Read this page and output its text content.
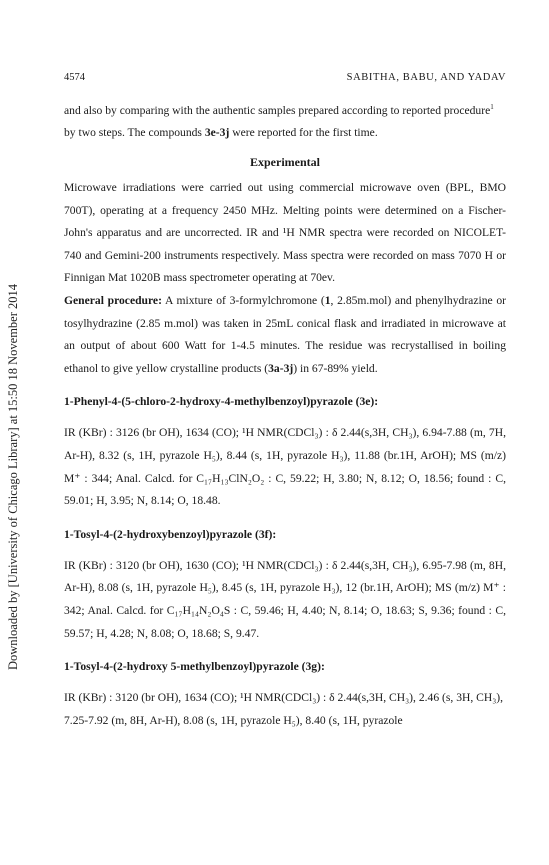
Downloaded by [University of Chicago Library] at 15:50 18 November 2014
4574	SABITHA, BABU, AND YADAV

and also by comparing with the authentic samples prepared according to reported procedure$^1$
by two steps. The compounds 3e-3j were reported for the first time.

Experimental

Microwave irradiations were carried out using commercial microwave oven (BPL, BMO 700T), operating at a frequency 2450 MHz. Melting points were determined on a Fischer-John's apparatus and are uncorrected. IR and ¹H NMR spectra were recorded on NICOLET-740 and Gemini-200 instruments respectively. Mass spectra were recorded on mass 7070 H or Finnigan Mat 1020B mass spectrometer operating at 70ev.

General procedure: A mixture of 3-formylchromone (1, 2.85m.mol) and phenylhydrazine or tosylhydrazine (2.85 m.mol) was taken in 25mL conical flask and irradiated in microwave at an output of about 600 Watt for 1-4.5 minutes. The residue was recrystallised in boiling ethanol to give yellow crystalline products (3a-3j) in 67-89% yield.

1-Phenyl-4-(5-chloro-2-hydroxy-4-methylbenzoyl)pyrazole (3e):

IR (KBr) : 3126 (br OH), 1634 (CO); ¹H NMR(CDCl₃) : δ 2.44(s,3H, CH₃), 6.94-7.88 (m, 7H, Ar-H), 8.32 (s, 1H, pyrazole H₅), 8.44 (s, 1H, pyrazole H₃), 11.88 (br.1H, ArOH); MS (m/z) M⁺ : 344; Anal. Calcd. for C₁₇H₁₃ClN₂O₂ : C, 59.22; H, 3.80; N, 8.12; O, 18.56; found : C, 59.01; H, 3.95; N, 8.14; O, 18.48.

1-Tosyl-4-(2-hydroxybenzoyl)pyrazole (3f):

IR (KBr) : 3120 (br OH), 1630 (CO); ¹H NMR(CDCl₃) : δ 2.44(s,3H, CH₃), 6.95-7.98 (m, 8H, Ar-H), 8.08 (s, 1H, pyrazole H₅), 8.45 (s, 1H, pyrazole H₃), 12 (br.1H, ArOH); MS (m/z) M⁺ : 342; Anal. Calcd. for C₁₇H₁₄N₂O₄S : C, 59.46; H, 4.40; N, 8.14; O, 18.63; S, 9.36; found : C, 59.57; H, 4.28; N, 8.08; O, 18.68; S, 9.47.

1-Tosyl-4-(2-hydroxy 5-methylbenzoyl)pyrazole (3g):

IR (KBr) : 3120 (br OH), 1634 (CO); ¹H NMR(CDCl₃) : δ 2.44(s,3H, CH₃), 2.46 (s, 3H, CH₃), 7.25-7.92 (m, 8H, Ar-H), 8.08 (s, 1H, pyrazole H₅), 8.40 (s, 1H, pyrazole
